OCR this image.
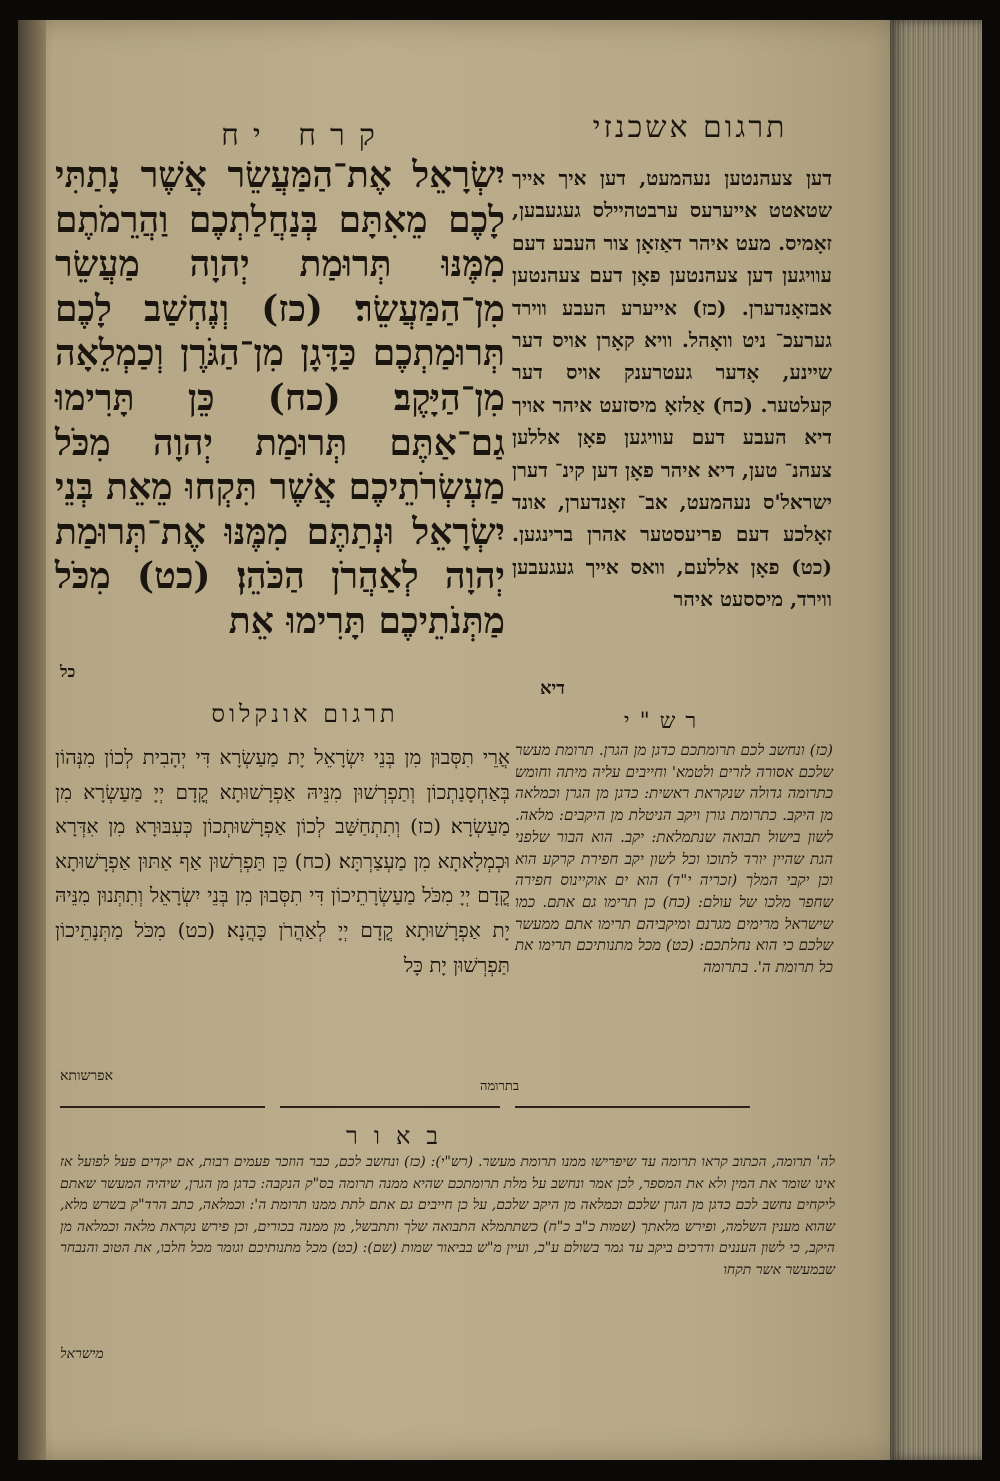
תרגום אשכנזי
קרח יח
דען צעהנטען נעהמעט, דען איך אייך שטאטט אייערעס ערבטהיילס געגעבען, זאָמיס. מעט איהר דאַזאָן צור העבע דעם עוויגען דען צעהנטען פאָן דעם צעהנטען אבזאָנדערן. (כז) אייערע העבע ווירד גערעכ־ ניט וואָהל. וויא קאָרן אויס דער שיינע, אָדער געטרענק אויס דער קעלטער. (כח) אַלזאָ מיסזעט איהר אויך דיא העבע דעם עוויגען פאָן אללען צעהנ־ טען, דיא איהר פאָן דען קינ־ דערן ישראל'ס נעהמעט, אב־ זאָנדערן, אונד זאָלכע דעם פריעסטער אהרן ברינגען. (כט) פאָן אללעם, וואס אייך געגעבען ווירד, מיססעט איהר
דיא
יִשְׂרָאֵל אֶת־הַמַּעֲשֵׂר אֲשֶׁר נָתַתִּי לָכֶם מֵאִתָּם בְּנַחֲלַתְכֶם וַהֲרֵמֹתֶם מִמֶּנּוּ תְּרוּמַת יְהוָה מַעֲשֵׂר מִן־הַמַּעֲשֵׂר׃ (כז) וְנֶחְשַׁב לָכֶם תְּרוּמַתְכֶם כַּדָּגָן מִן־הַגֹּרֶן וְכַמְלֵאָה מִן־הַיָּקֶב׃ (כח) כֵּן תָּרִימוּ גַם־אַתֶּם תְּרוּמַת יְהוָה מִכֹּל מַעְשְׂרֹתֵיכֶם אֲשֶׁר תִּקְחוּ מֵאֵת בְּנֵי יִשְׂרָאֵל וּנְתַתֶּם מִמֶּנּוּ אֶת־תְּרוּמַת יְהוָה לְאַהֲרֹן הַכֹּהֵן׃ (כט) מִכֹּל מַתְּנֹתֵיכֶם תָּרִימוּ אֵת
כל
תרגום אונקלוס
אֲרֵי תִסְּבוּן מִן בְּנֵי יִשְׂרָאֵל יָת מַעַשְׂרָא דִּי יְהָבִית לְכוֹן מִנְּהוֹן בְּאַחְסָנַתְכוֹן וְתַפְרְשׁוּן מִנֵּיהּ אַפְרָשׁוּתָא קֳדָם יְיָ מַעַשְׂרָא מִן מַעַשְׂרָא׃ (כז) וְתִתְחַשַּׁב לְכוֹן אַפְרָשׁוּתְכוֹן כְּעִבּוּרָא מִן אִדְּרָא וּכְמְלָאתָא מִן מַעְצַרְתָּא׃ (כח) כֵּן תַּפְרְשׁוּן אַף אַתּוּן אַפְרָשׁוּתָא קֳדָם יְיָ מִכֹּל מַעַשְׂרָתֵיכוֹן דִּי תִסְּבוּן מִן בְּנֵי יִשְׂרָאֵל וְתִתְּנוּן מִנֵּיהּ יָת אַפְרָשׁוּתָא קֳדָם יְיָ לְאַהֲרֹן כָּהֲנָא׃ (כט) מִכֹּל מַתְּנָתֵיכוֹן תַּפְרְשׁוּן יָת כָּל
אפרשותא
רש"י
(כז) ונחשב לכם תרומתכם כדגן מן הגרן. תרומת מעשר שלכם אסורה לזרים ולטמא' וחייבים עליה מיתה וחומש כתרומה גדולה שנקראת ראשית: כדגן מן הגרן וכמלאה מן היקב. כתרומת גורן ויקב הניטלת מן היקבים: מלאה. לשון בישול תבואה שנתמלאת: יקב. הוא הבור שלפני הגת שהיין יורד לתוכו וכל לשון יקב חפירת קרקע הוא וכן יקבי המלך (זכריה י"ד) הוא ים אוקיינוס חפירה שחפר מלכו של עולם: (כח) כן תרימו גם אתם. כמו שישראל מרימים מגרנם ומיקביהם תרימו אתם ממעשר שלכם כי הוא נחלתכם: (כט) מכל מתנותיכם תרימו את כל תרומת ה'. בתרומה
בתרומה
באור
לה' תרומה, הכתוב קראו תרומה עד שיפרישו ממנו תרומת מעשר. (רש"י): (כז) ונחשב לכם, כבר הוזכר פעמים רבות, אם יקדים פעל לפועל אז אינו שומר את המין ולא את המספר, לכן אמר ונחשב על מלת תרומתכם שהיא ממנה תרומה בס"ק הנקבה: כדגן מן הגרן, שיהיה המעשר שאתם ליקחים נחשב לכם כדגן מן הגרן שלכם וכמלאה מן היקב שלכם, על כן חייבים גם אתם לתת ממנו תרומת ה': וכמלאה, כתב הרד"ק בשרש מלא, שהוא מענין השלמה, ופירש מלאתך (שמות כ"ב כ"ח) כשתתמלא התבואה שלך ותתבשל, מן ממנה בכורים, וכן פירש נקראת מלאה וכמלאה מן היקב, כי לשון העננים ודרכים ביקב עד גמר בשולם ע"כ, ועיין מ"ש בביאור שמות (שם): (כט) מכל מתנותיכם וגומר מכל חלבו, את הטוב והנבחר שבמעשר אשר תקחו
מישראל
